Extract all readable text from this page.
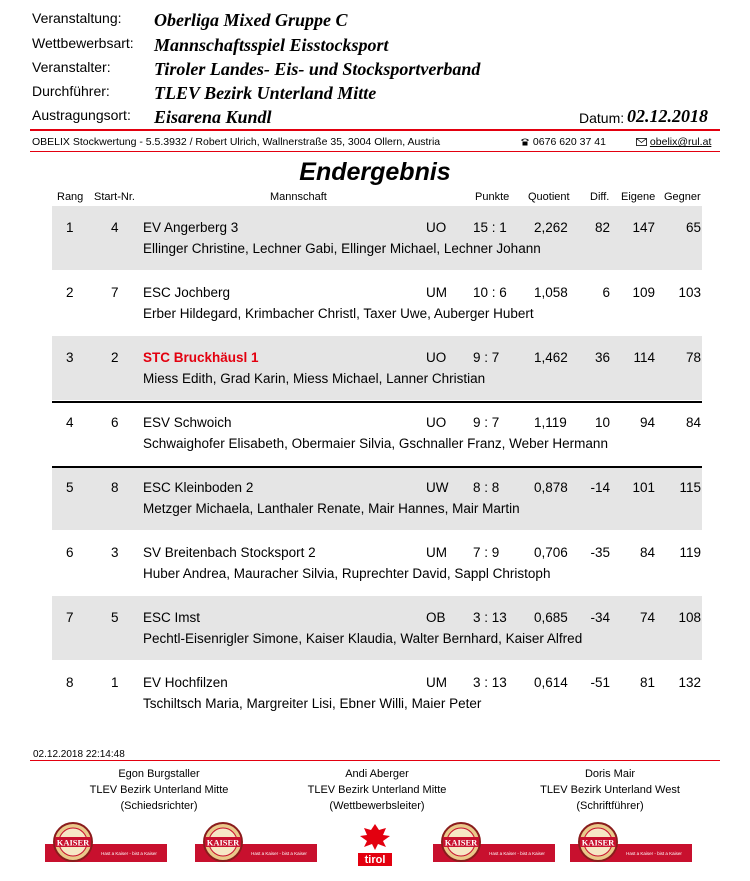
Veranstaltung:	Oberliga Mixed Gruppe C
Wettbewerbsart:	Mannschaftsspiel Eisstocksport
Veranstalter:	Tiroler Landes- Eis- und Stocksportverband
Durchführer:	TLEV Bezirk Unterland Mitte
Austragungsort:	Eisarena Kundl	Datum: 02.12.2018
OBELIX Stockwertung - 5.5.3932 / Robert Ulrich, Wallnerstraße 35, 3004 Ollern, Austria	0676 620 37 41	obelix@rul.at
Endergebnis
Rang Start-Nr.	Mannschaft	Punkte Quotient Diff. Eigene Gegner
1	4 EV Angerberg 3	UO 15 : 1 2,262 82 147 65
Ellinger Christine, Lechner Gabi, Ellinger Michael, Lechner Johann
2	7 ESC Jochberg	UM 10 : 6 1,058	6 109 103
Erber Hildegard, Krimbacher Christl, Taxer Uwe, Auberger Hubert
3	2 STC Bruckhäusl 1	UO 9 : 7	1,462 36 114 78
Miess Edith, Grad Karin, Miess Michael, Lanner Christian
4	6 ESV Schwoich	UO 9 : 7	1,119 10 94 84
Schwaighofer Elisabeth, Obermaier Silvia, Gschnaller Franz, Weber Hermann
5	8 ESC Kleinboden 2	UW 8 : 8	0,878 -14 101 115
Metzger Michaela, Lanthaler Renate, Mair Hannes, Mair Martin
6	3 SV Breitenbach Stocksport 2	UM 7 : 9	0,706 -35 84 119
Huber Andrea, Mauracher Silvia, Ruprechter David, Sappl Christoph
7	5 ESC Imst	OB 3 : 13 0,685 -34 74 108
Pechtl-Eisenrigler Simone, Kaiser Klaudia, Walter Bernhard, Kaiser Alfred
8	1 EV Hochfilzen	UM 3 : 13 0,614 -51 81 132
Tschiltsch Maria, Margreiter Lisi, Ebner Willi, Maier Peter
02.12.2018 22:14:48
Egon Burgstaller
TLEV Bezirk Unterland Mitte
(Schiedsrichter)
Andi Aberger
TLEV Bezirk Unterland Mitte
(Wettbewerbsleiter)
Doris Mair
TLEV Bezirk Unterland West
(Schriftführer)
KAISER
Hast a Kaiser - bist a Kaiser
KAISER
Hast a Kaiser - bist a Kaiser
KAISER
Hast a Kaiser - bist a Kaiser
KAISER
Hast a Kaiser - bist a Kaiser
tirol
